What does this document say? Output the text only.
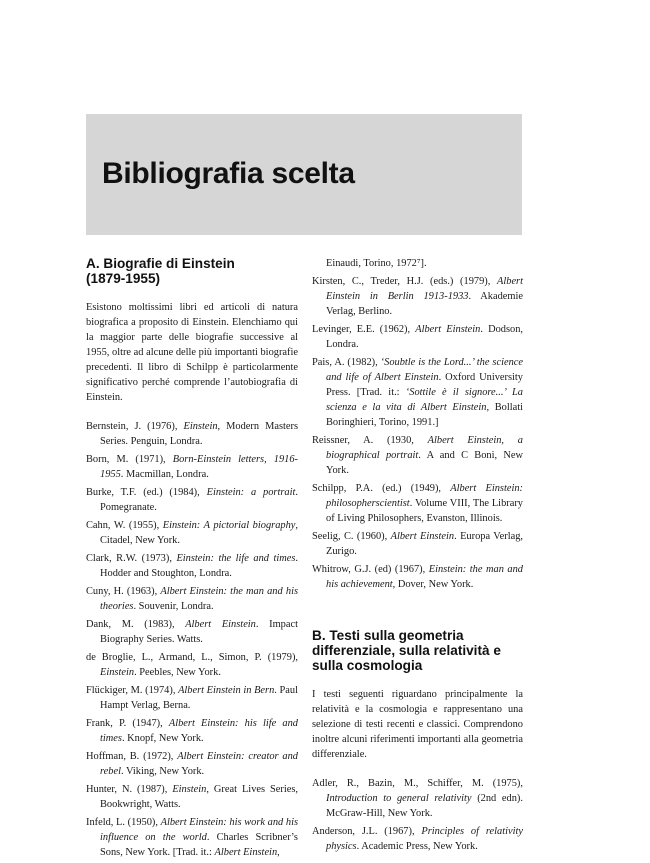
Bibliografia scelta
A. Biografie di Einstein
(1879-1955)

Esistono moltissimi libri ed articoli di natura biografica a proposito di Einstein. Elenchiamo qui la maggior parte delle biografie successive al 1955, oltre ad alcune delle più importanti biografie precedenti. Il libro di Schilpp è particolarmente significativo perché comprende l’autobiografia di Einstein.

Bernstein, J. (1976), Einstein, Modern Masters Series. Penguin, Londra.
Born, M. (1971), Born-Einstein letters, 1916-1955. Macmillan, Londra.
Burke, T.F. (ed.) (1984), Einstein: a portrait. Pomegranate.
Cahn, W. (1955), Einstein: A pictorial biography, Citadel, New York.
Clark, R.W. (1973), Einstein: the life and times. Hodder and Stoughton, Londra.
Cuny, H. (1963), Albert Einstein: the man and his theories. Souvenir, Londra.
Dank, M. (1983), Albert Einstein. Impact Biography Series. Watts.
de Broglie, L., Armand, L., Simon, P. (1979), Einstein. Peebles, New York.
Flückiger, M. (1974), Albert Einstein in Bern. Paul Hampt Verlag, Berna.
Frank, P. (1947), Albert Einstein: his life and times. Knopf, New York.
Hoffman, B. (1972), Albert Einstein: creator and rebel. Viking, New York.
Hunter, N. (1987), Einstein, Great Lives Series, Bookwright, Watts.
Infeld, L. (1950), Albert Einstein: his work and his influence on the world. Charles Scribner’s Sons, New York. [Trad. it.: Albert Einstein,
Einaudi, Torino, 1972⁷].
Kirsten, C., Treder, H.J. (eds.) (1979), Albert Einstein in Berlin 1913-1933. Akademie Verlag, Berlino.
Levinger, E.E. (1962), Albert Einstein. Dodson, Londra.
Pais, A. (1982), ‘Soubtle is the Lord...’ the science and life of Albert Einstein. Oxford University Press. [Trad. it.: ‘Sottile è il signore...’ La scienza e la vita di Albert Einstein, Bollati Boringhieri, Torino, 1991.]
Reissner, A. (1930, Albert Einstein, a biographical portrait. A and C Boni, New York.
Schilpp, P.A. (ed.) (1949), Albert Einstein: philosopherscientist. Volume VIII, The Library of Living Philosophers, Evanston, Illinois.
Seelig, C. (1960), Albert Einstein. Europa Verlag, Zurigo.
Whitrow, G.J. (ed) (1967), Einstein: the man and his achievement, Dover, New York.
B. Testi sulla geometria
differenziale, sulla relatività e
sulla cosmologia

I testi seguenti riguardano principalmente la relatività e la cosmologia e rappresentano una selezione di testi recenti e classici. Comprendono inoltre alcuni riferimenti importanti alla geometria differenziale.

Adler, R., Bazin, M., Schiffer, M. (1975), Introduction to general relativity (2nd edn). McGraw-Hill, New York.
Anderson, J.L. (1967), Principles of relativity physics. Academic Press, New York.
